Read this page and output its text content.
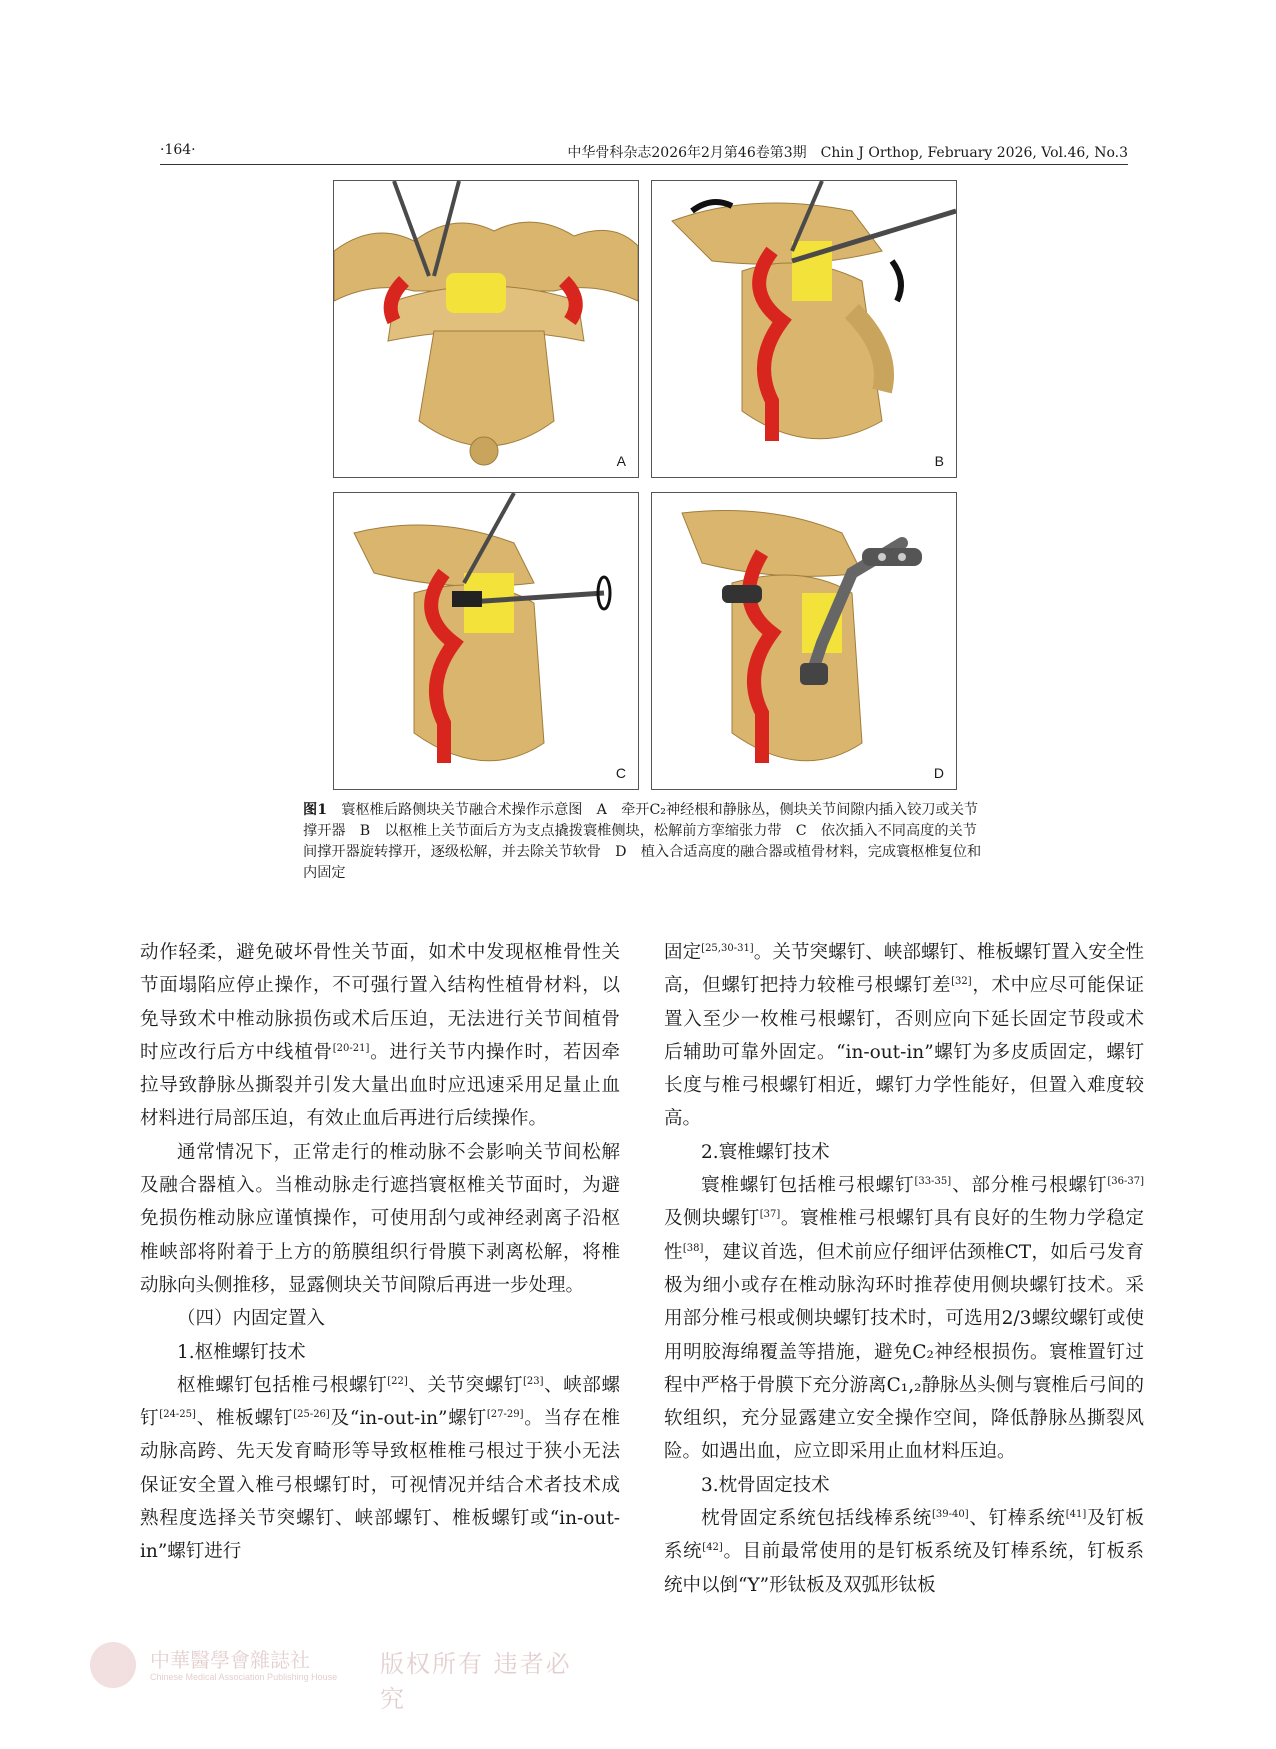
·164·	中华骨科杂志2026年2月第46卷第3期　Chin J Orthop, February 2026, Vol.46, No.3
A	B
C	D
图1　 寰枢椎后路侧块关节融合术操作示意图　A　牵开C₂神经根和静脉丛，侧块关节间隙内插入铰刀或关节撑开器　B　以枢椎上关节面后方为支点撬拨寰椎侧块，松解前方挛缩张力带　C　依次插入不同高度的关节间撑开器旋转撑开，逐级松解，并去除关节软骨　D　植入合适高度的融合器或植骨材料，完成寰枢椎复位和内固定

动作轻柔，避免破坏骨性关节面，如术中发现枢椎骨性关节面塌陷应停止操作，不可强行置入结构性植骨材料，以免导致术中椎动脉损伤或术后压迫，无法进行关节间植骨时应改行后方中线植骨[20-21]。进行关节内操作时，若因牵拉导致静脉丛撕裂并引发大量出血时应迅速采用足量止血材料进行局部压迫，有效止血后再进行后续操作。

通常情况下，正常走行的椎动脉不会影响关节间松解及融合器植入。当椎动脉走行遮挡寰枢椎关节面时，为避免损伤椎动脉应谨慎操作，可使用刮勺或神经剥离子沿枢椎峡部将附着于上方的筋膜组织行骨膜下剥离松解，将椎动脉向头侧推移，显露侧块关节间隙后再进一步处理。

（四）内固定置入

1.枢椎螺钉技术

枢椎螺钉包括椎弓根螺钉[22]、关节突螺钉[23]、峡部螺钉[24-25]、椎板螺钉[25-26]及“in-out-in”螺钉[27-29]。当存在椎动脉高跨、先天发育畸形等导致枢椎椎弓根过于狭小无法保证安全置入椎弓根螺钉时，可视情况并结合术者技术成熟程度选择关节突螺钉、峡部螺钉、椎板螺钉或“in-out-in”螺钉进行

固定[25,30-31]。关节突螺钉、峡部螺钉、椎板螺钉置入安全性高，但螺钉把持力较椎弓根螺钉差[32]，术中应尽可能保证置入至少一枚椎弓根螺钉，否则应向下延长固定节段或术后辅助可靠外固定。“in-out-in”螺钉为多皮质固定，螺钉长度与椎弓根螺钉相近，螺钉力学性能好，但置入难度较高。

2.寰椎螺钉技术

寰椎螺钉包括椎弓根螺钉[33-35]、部分椎弓根螺钉[36-37]及侧块螺钉[37]。寰椎椎弓根螺钉具有良好的生物力学稳定性[38]，建议首选，但术前应仔细评估颈椎CT，如后弓发育极为细小或存在椎动脉沟环时推荐使用侧块螺钉技术。采用部分椎弓根或侧块螺钉技术时，可选用2/3螺纹螺钉或使用明胶海绵覆盖等措施，避免C₂神经根损伤。寰椎置钉过程中严格于骨膜下充分游离C₁‚₂静脉丛头侧与寰椎后弓间的软组织，充分显露建立安全操作空间，降低静脉丛撕裂风险。如遇出血，应立即采用止血材料压迫。

3.枕骨固定技术

枕骨固定系统包括线棒系统[39-40]、钉棒系统[41]及钉板系统[42]。目前最常使用的是钉板系统及钉棒系统，钉板系统中以倒“Y”形钛板及双弧形钛板

中華醫學會雜誌社
Chinese Medical Association Publishing House 版权所有 违者必究
